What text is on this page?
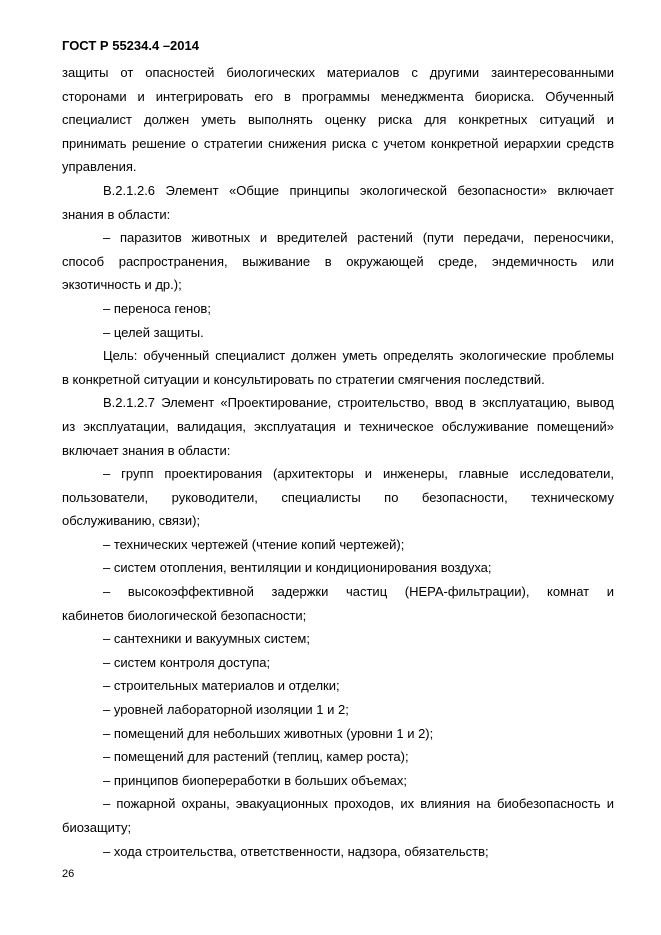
ГОСТ Р 55234.4 –2014
защиты от опасностей биологических материалов с другими заинтересованными
сторонами и интегрировать его в программы менеджмента биориска. Обученный
специалист должен уметь выполнять оценку риска для конкретных ситуаций и
принимать решение о стратегии снижения риска с учетом конкретной иерархии средств
управления.
В.2.1.2.6 Элемент «Общие принципы экологической безопасности» включает
знания в области:
– паразитов животных и вредителей растений (пути передачи, переносчики,
способ распространения, выживание в окружающей среде, эндемичность или
экзотичность и др.);
– переноса генов;
– целей защиты.
Цель: обученный специалист должен уметь определять экологические проблемы
в конкретной ситуации и консультировать по стратегии смягчения последствий.
В.2.1.2.7 Элемент «Проектирование, строительство, ввод в эксплуатацию, вывод
из эксплуатации, валидация, эксплуатация и техническое обслуживание помещений»
включает знания в области:
– групп проектирования (архитекторы и инженеры, главные исследователи,
пользователи, руководители, специалисты по безопасности, техническому
обслуживанию, связи);
– технических чертежей (чтение копий чертежей);
– систем отопления, вентиляции и кондиционирования воздуха;
– высокоэффективной задержки частиц (HEPA-фильтрации), комнат и
кабинетов биологической безопасности;
– сантехники и вакуумных систем;
– систем контроля доступа;
– строительных материалов и отделки;
– уровней лабораторной изоляции 1 и 2;
– помещений для небольших животных (уровни 1 и 2);
– помещений для растений (теплиц, камер роста);
– принципов биопереработки в больших объемах;
– пожарной охраны, эвакуационных проходов, их влияния на биобезопасность и
биозащиту;
– хода строительства, ответственности, надзора, обязательств;
26
